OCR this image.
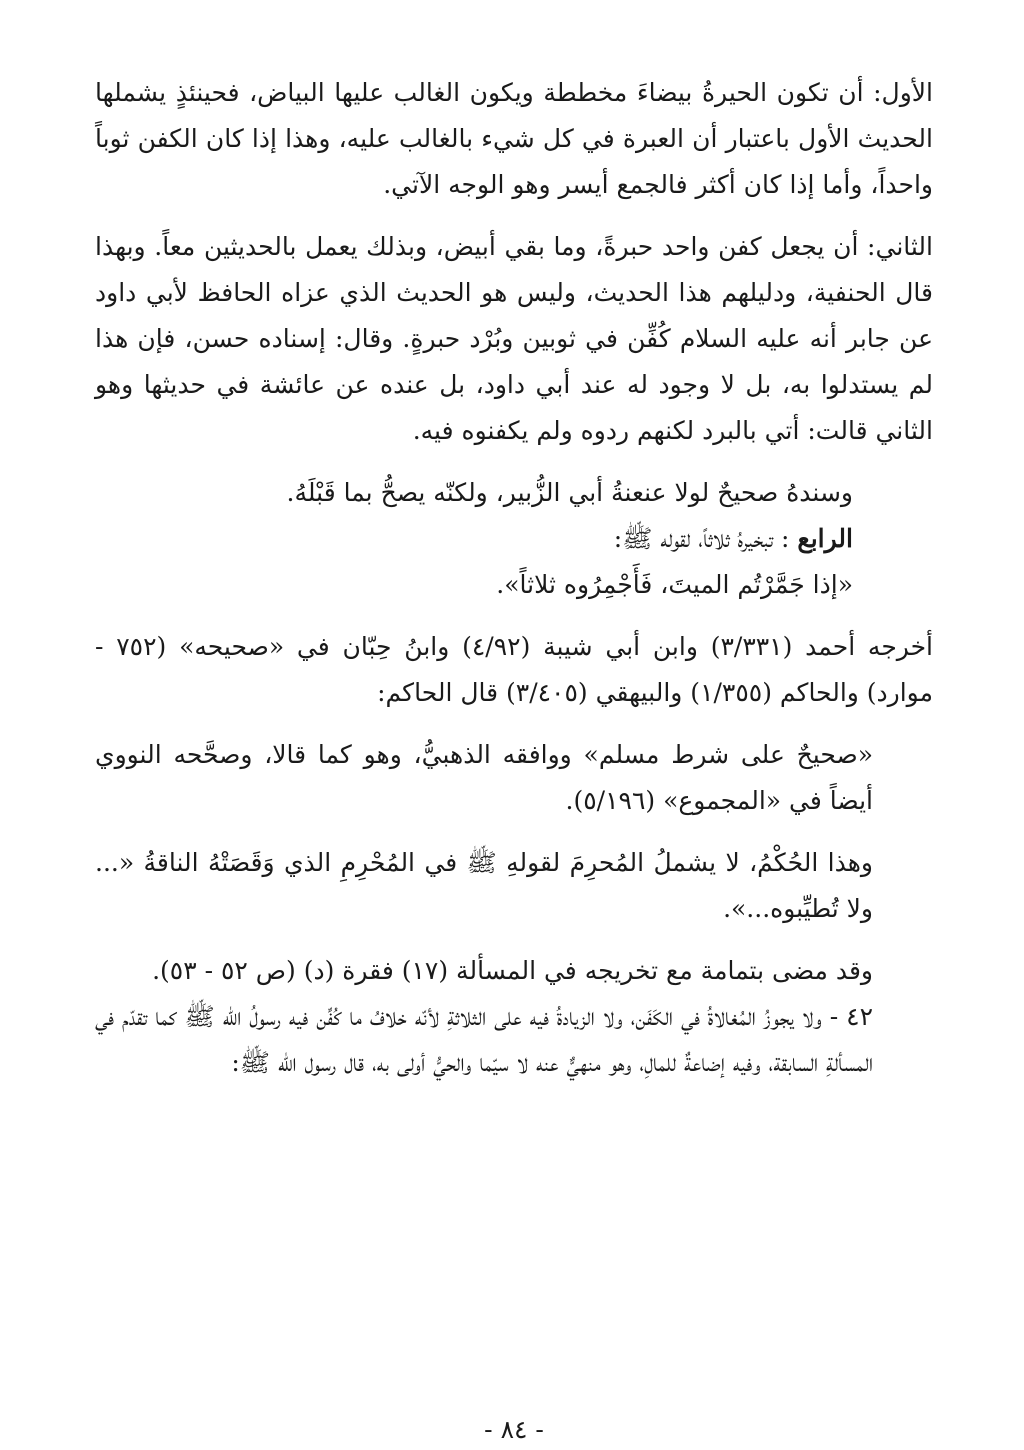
الأول: أن تكون الحيرةُ بيضاءَ مخططة ويكون الغالب عليها البياض، فحينئذٍ يشملها الحديث الأول باعتبار أن العبرة في كل شيء بالغالب عليه، وهذا إذا كان الكفن ثوباً واحداً، وأما إذا كان أكثر فالجمع أيسر وهو الوجه الآتي.

الثاني: أن يجعل كفن واحد حبرةً، وما بقي أبيض، وبذلك يعمل بالحديثين معاً. وبهذا قال الحنفية، ودليلهم هذا الحديث، وليس هو الحديث الذي عزاه الحافظ لأبي داود عن جابر أنه عليه السلام كُفِّن في ثوبين وبُرْد حبرةٍ. وقال: إسناده حسن، فإن هذا لم يستدلوا به، بل لا وجود له عند أبي داود، بل عنده عن عائشة في حديثها وهو الثاني قالت: أتي بالبرد لكنهم ردوه ولم يكفنوه فيه.

وسندهُ صحيحٌ لولا عنعنةُ أبي الزُّبير، ولكنّه يصحُّ بما قَبْلَهُ.

الرابع : تبخيرهُ ثلاثاً، لقوله ﷺ:

«إذا جَمَّرْتُم الميتَ، فَأَجْمِرُوه ثلاثاً».

أخرجه أحمد (٣/٣٣١) وابن أبي شيبة (٤/٩٢) وابنُ حِبّان في «صحيحه» (٧٥٢ - موارد) والحاكم (١/٣٥٥) والبيهقي (٣/٤٠٥) قال الحاكم:

«صحيحٌ على شرط مسلم» ووافقه الذهبيُّ، وهو كما قالا، وصحَّحه النووي أيضاً في «المجموع» (٥/١٩٦).

وهذا الحُكْمُ، لا يشملُ المُحرِمَ لقولهِ ﷺ في المُحْرِمِ الذي وَقَصَتْهُ الناقةُ «... ولا تُطيِّبوه...».

وقد مضى بتمامة مع تخريجه في المسألة (١٧) فقرة (د) (ص ٥٢ - ٥٣).

٤٢ - ولا يجوزُ المُغالاةُ في الكَفَن، ولا الزيادةُ فيه على الثلاثةِ لأنّه خلافُ ما كُفِّن فيه رسولُ الله ﷺ كما تقدّم في المسألةِ السابقة، وفيه إضاعةٌ للمالِ، وهو منهيٌّ عنه لا سيّما والحيُّ أولى به، قال رسول الله ﷺ:

- ٨٤ -
